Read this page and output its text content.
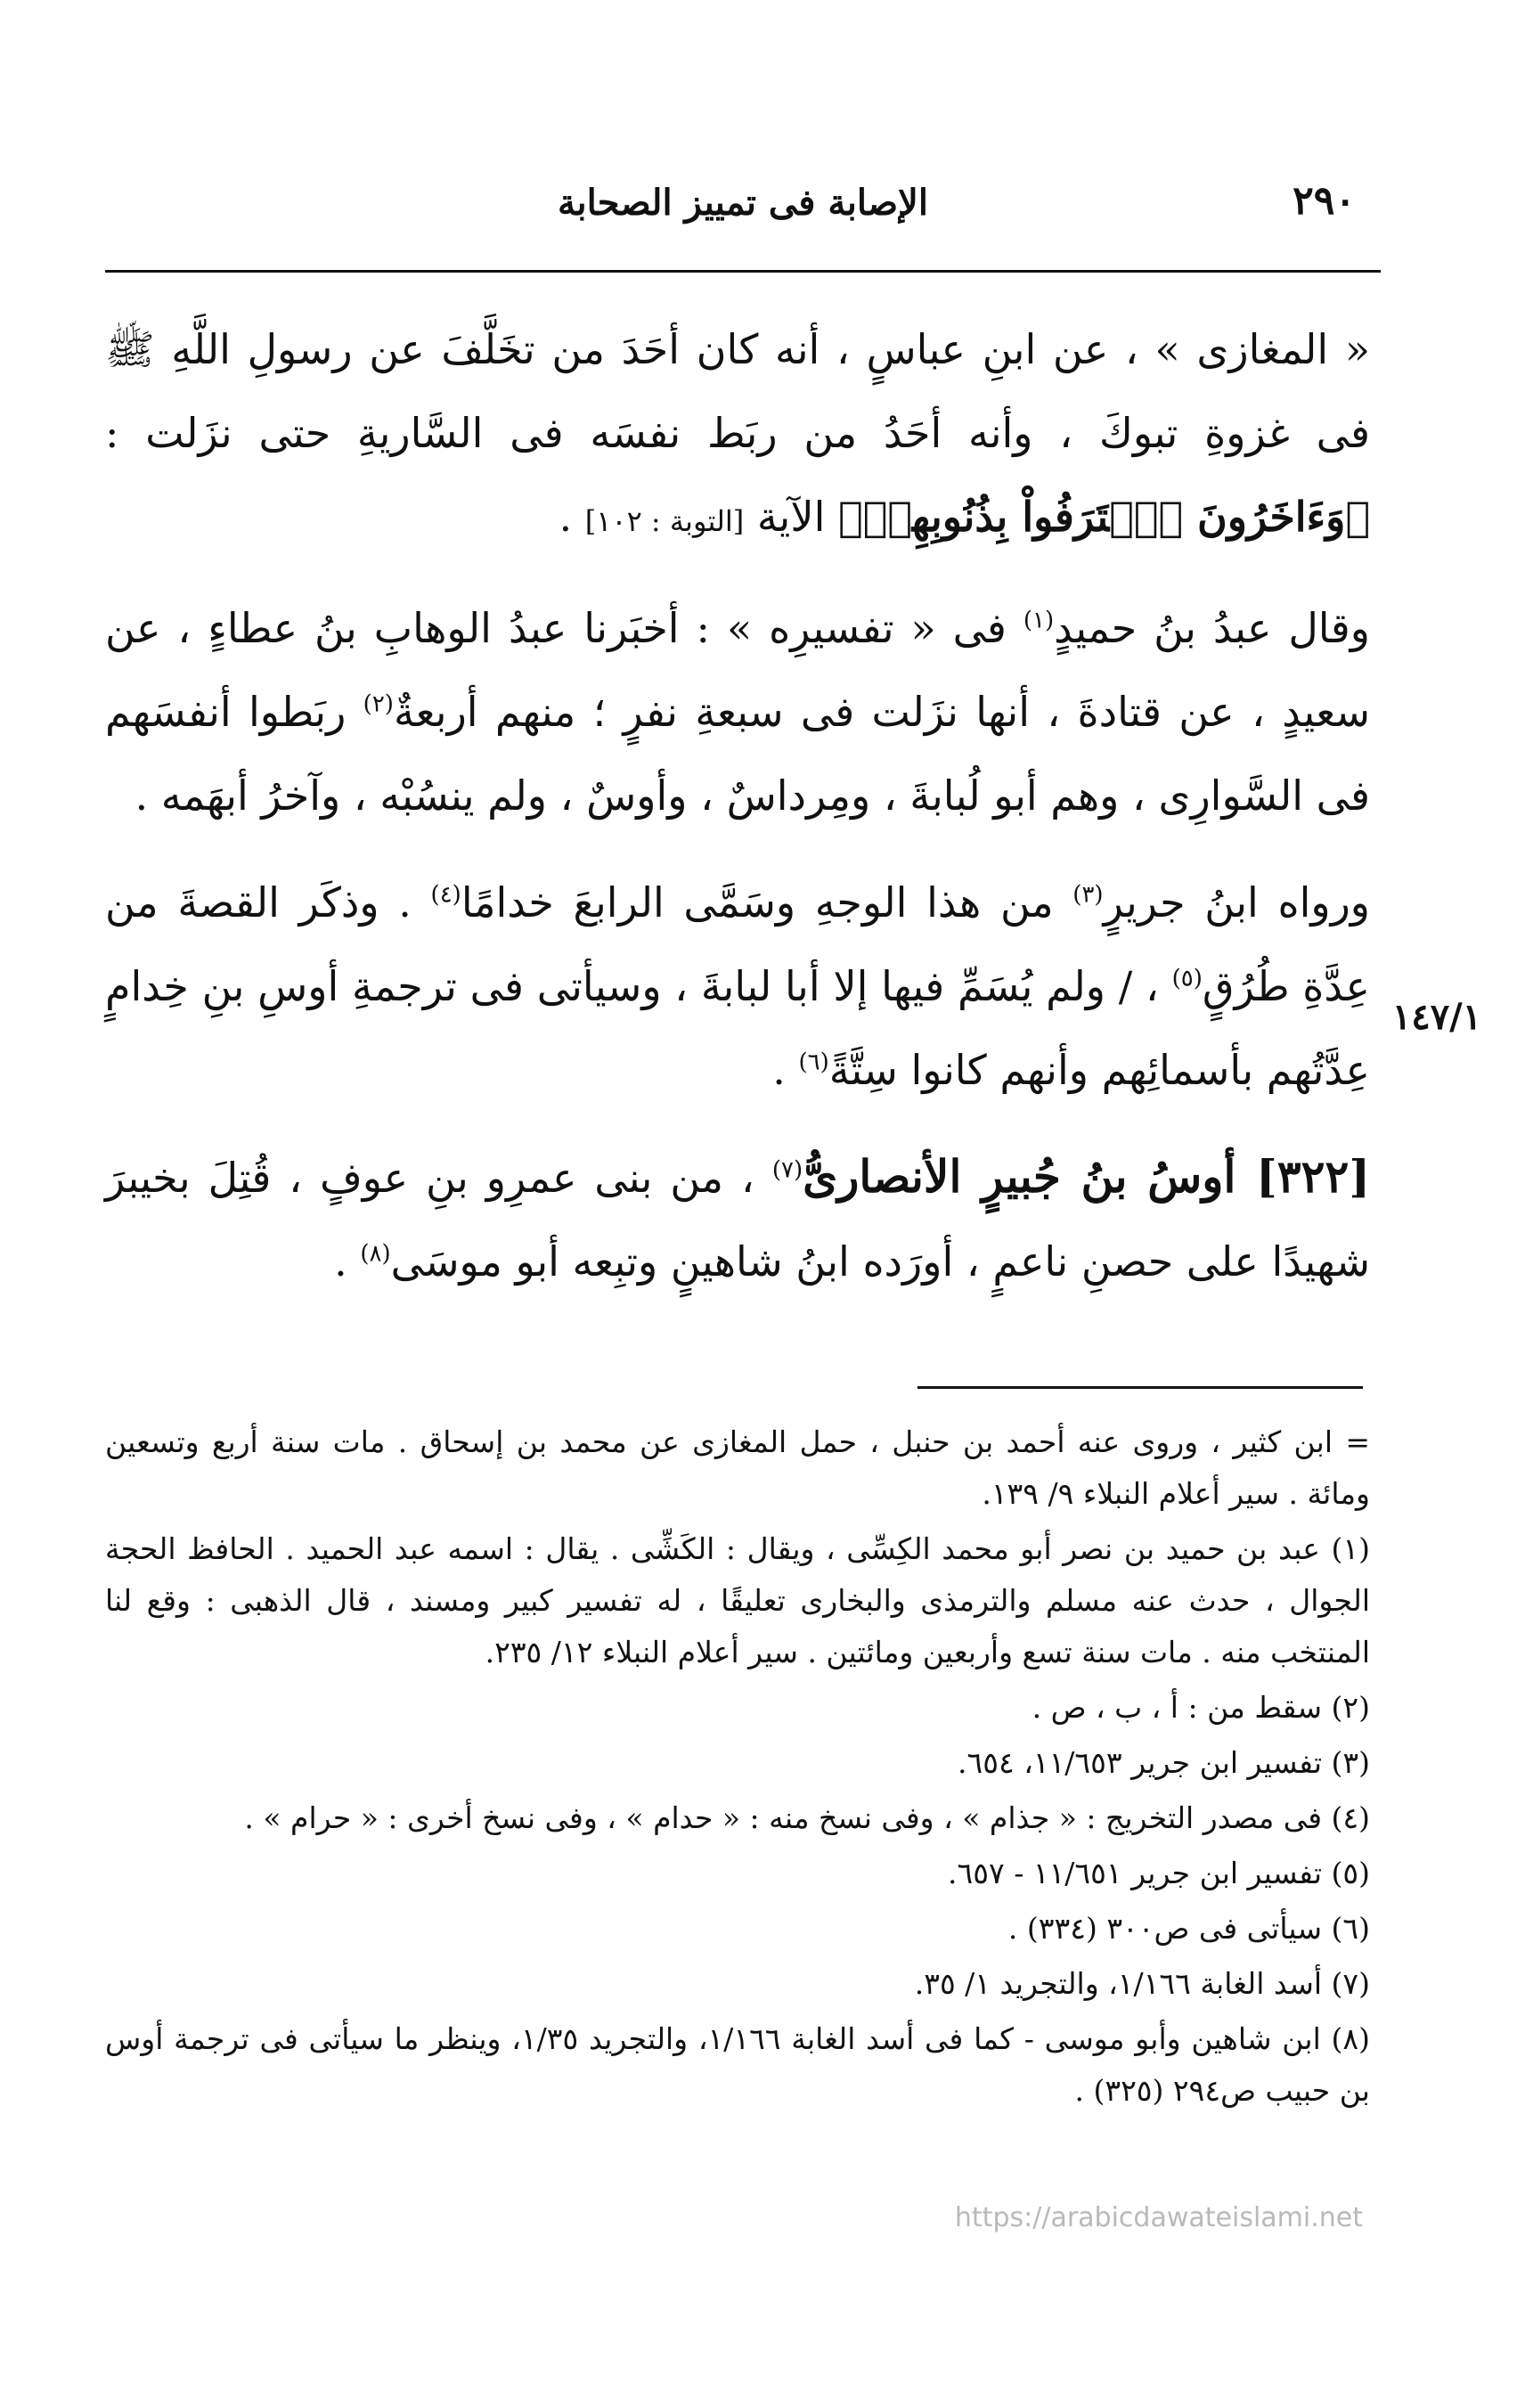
٢٩٠
الإصابة فى تمييز الصحابة
١٤٧/١

« المغازى » ، عن ابنِ عباسٍ ، أنه كان أحَدَ من تخَلَّفَ عن رسولِ اللَّهِ ﷺ فى غزوةِ تبوكَ ، وأنه أحَدُ من ربَط نفسَه فى السَّاريةِ حتى نزَلت : ﴿وَءَاخَرُونَ ٱعۡتَرَفُواْ بِذُنُوبِهِمۡ﴾ الآية [التوبة : ١٠٢] .

وقال عبدُ بنُ حميدٍ$^{(١)}$ فى « تفسيرِه » : أخبَرنا عبدُ الوهابِ بنُ عطاءٍ ، عن سعيدٍ ، عن قتادةَ ، أنها نزَلت فى سبعةِ نفرٍ ؛ منهم أربعةٌ$^{(٢)}$ ربَطوا أنفسَهم فى السَّوارِى ، وهم أبو لُبابةَ ، ومِرداسٌ ، وأوسٌ ، ولم ينسُبْه ، وآخرُ أبهَمه .

ورواه ابنُ جريرٍ$^{(٣)}$ من هذا الوجهِ وسَمَّى الرابعَ خدامًا$^{(٤)}$ . وذكَر القصةَ من عِدَّةِ طُرُقٍ$^{(٥)}$ ، / ولم يُسَمِّ فيها إلا أبا لبابةَ ، وسيأتى فى ترجمةِ أوسِ بنِ خِدامٍ عِدَّتُهم بأسمائِهم وأنهم كانوا سِتَّةً$^{(٦)}$ .

[٣٢٢] أوسُ بنُ جُبيرٍ الأنصارىُّ$^{(٧)}$ ، من بنى عمرِو بنِ عوفٍ ، قُتِلَ بخيبرَ شهيدًا على حصنِ ناعمٍ ، أورَده ابنُ شاهينٍ وتبِعه أبو موسَى$^{(٨)}$ .

= ابن كثير ، وروى عنه أحمد بن حنبل ، حمل المغازى عن محمد بن إسحاق . مات سنة أربع وتسعين ومائة . سير أعلام النبلاء ٩/ ١٣٩.

(١) عبد بن حميد بن نصر أبو محمد الكِسِّى ، ويقال : الكَشِّى . يقال : اسمه عبد الحميد . الحافظ الحجة الجوال ، حدث عنه مسلم والترمذى والبخارى تعليقًا ، له تفسير كبير ومسند ، قال الذهبى : وقع لنا المنتخب منه . مات سنة تسع وأربعين ومائتين . سير أعلام النبلاء ١٢/ ٢٣٥.

(٢) سقط من : أ ، ب ، ص .

(٣) تفسير ابن جرير ١١/٦٥٣، ٦٥٤.

(٤) فى مصدر التخريج : « جذام » ، وفى نسخ منه : « حدام » ، وفى نسخ أخرى : « حرام » .

(٥) تفسير ابن جرير ١١/٦٥١ - ٦٥٧.

(٦) سيأتى فى ص٣٠٠ (٣٣٤) .

(٧) أسد الغابة ١/١٦٦، والتجريد ١/ ٣٥.

(٨) ابن شاهين وأبو موسى - كما فى أسد الغابة ١/١٦٦، والتجريد ١/٣٥، وينظر ما سيأتى فى ترجمة أوس بن حبيب ص٢٩٤ (٣٢٥) .

https://arabicdawateislami.net
